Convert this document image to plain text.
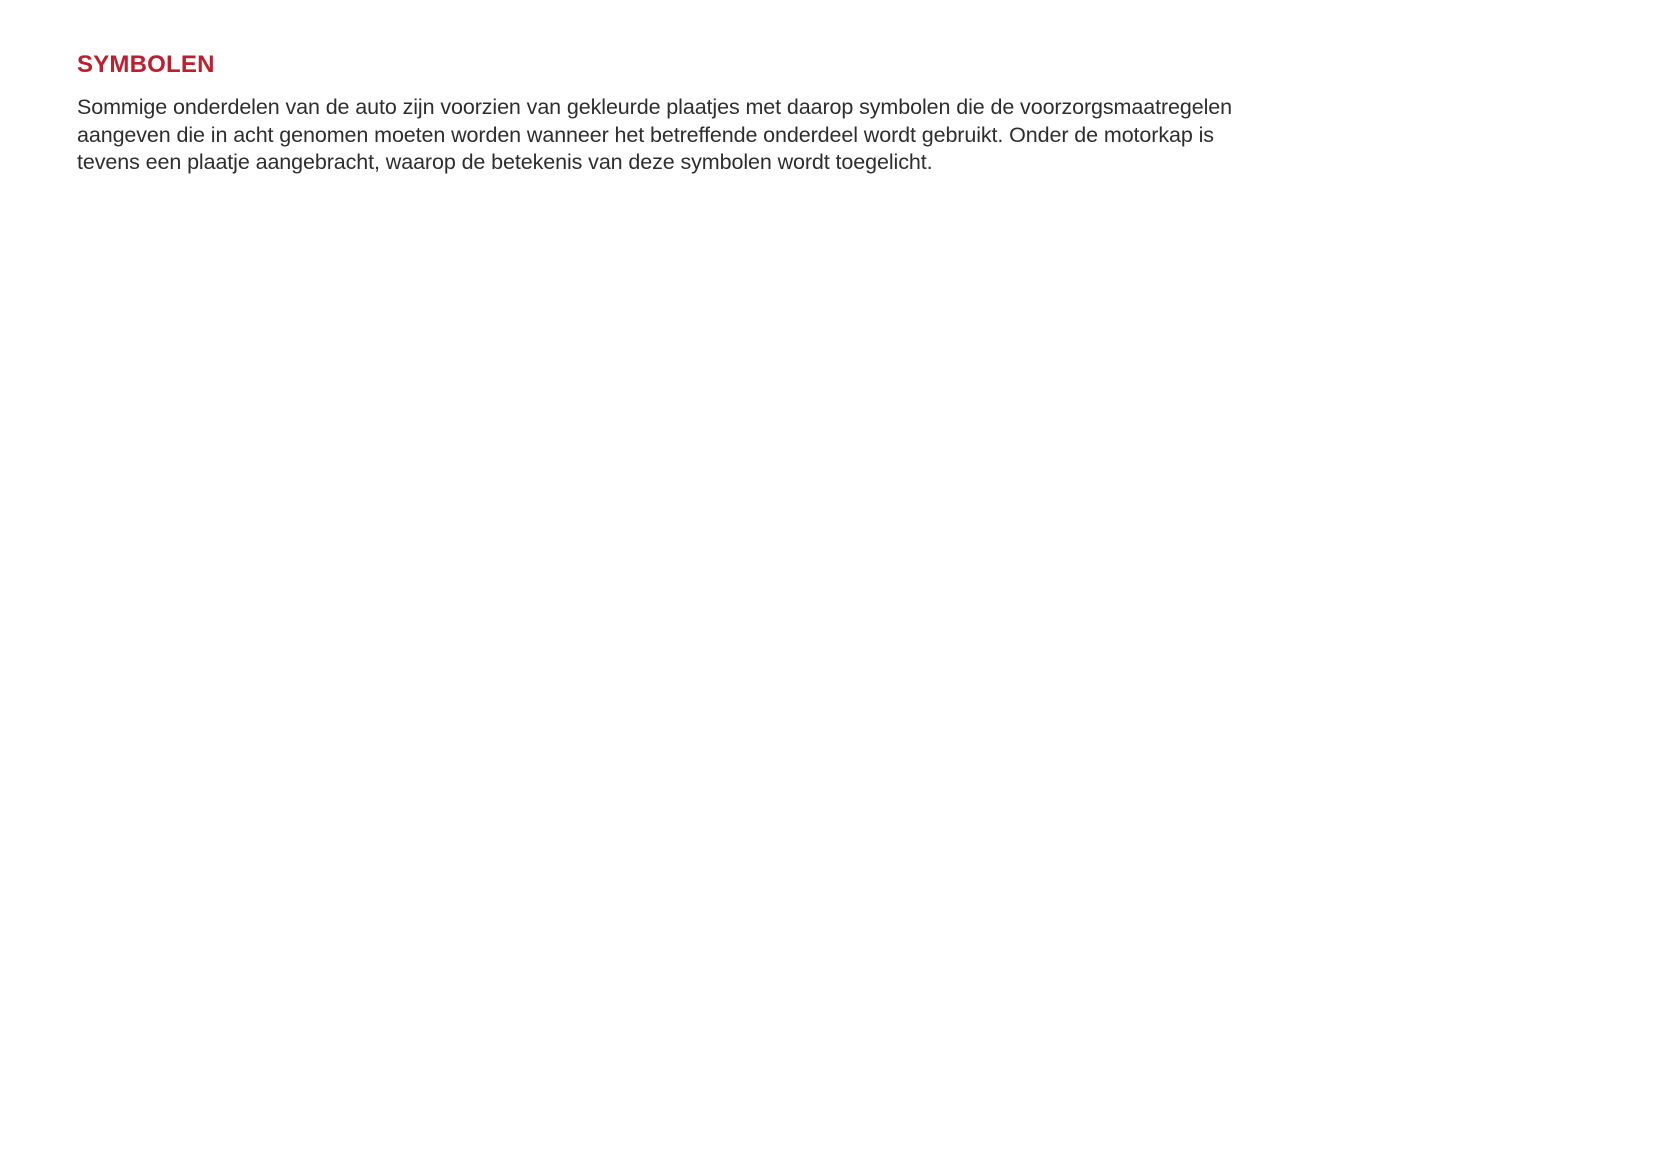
SYMBOLEN
Sommige onderdelen van de auto zijn voorzien van gekleurde plaatjes met daarop symbolen die de voorzorgsmaatregelen
aangeven die in acht genomen moeten worden wanneer het betreffende onderdeel wordt gebruikt. Onder de motorkap is
tevens een plaatje aangebracht, waarop de betekenis van deze symbolen wordt toegelicht.
